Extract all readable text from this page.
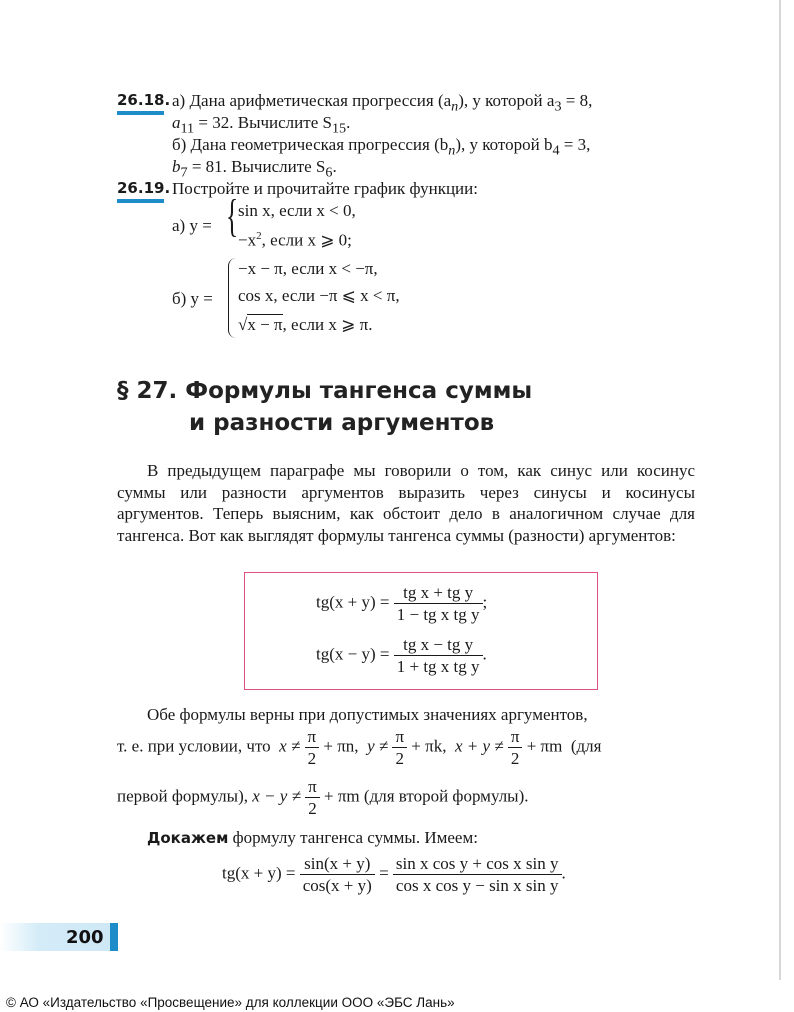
26.18. а) Дана арифметическая прогрессия $(a_n)$, у которой $a_3 = 8$,
$a_{11} = 32$. Вычислите $S_{15}$.
б) Дана геометрическая прогрессия $(b_n)$, у которой $b_4 = 3$,
$b_7 = 81$. Вычислите $S_6$.
26.19. Постройте и прочитайте график функции:
а) y = { sin x, если x < 0,
$-x^2$, если x ⩾ 0;
б) y =
−x − π, если x < −π,
cos x, если −π ⩽ x < π,
√x − π, если x ⩾ π.
§ 27. Формулы тангенса суммы
и разности аргументов
В предыдущем параграфе мы говорили о том, как синус или косинус суммы или разности аргументов выразить через синусы и косинусы аргументов. Теперь выясним, как обстоит дело в аналогичном случае для тангенса. Вот как выглядят формулы тангенса суммы (разности) аргументов:
$tg(x + y) = \frac{\text{tg x + tg y}}{\text{1 − tg x tg y}}$ ;
$tg(x - y) = \frac{\text{tg x − tg y}}{\text{1 + tg x tg y}}$ .
Обе формулы верны при допустимых значениях аргументов,
т. е. при условии, что $x \ne \frac{\pi}{2} + \pi n$, $y \ne \frac{\pi}{2} + \pi k$, $x + y \ne \frac{\pi}{2} + \pi m$ (для
первой формулы), $x - y \ne \frac{\pi}{2} + \pi m$ (для второй формулы).
Докажем формулу тангенса суммы. Имеем:
$tg(x + y) = \frac{\sin(x + y)}{\cos(x + y)} = \frac{\text{sin x cos y + cos x sin y}}{\text{cos x cos y − sin x sin y}}$ .
200
© АО «Издательство «Просвещение» для коллекции ООО «ЭБС Лань»
